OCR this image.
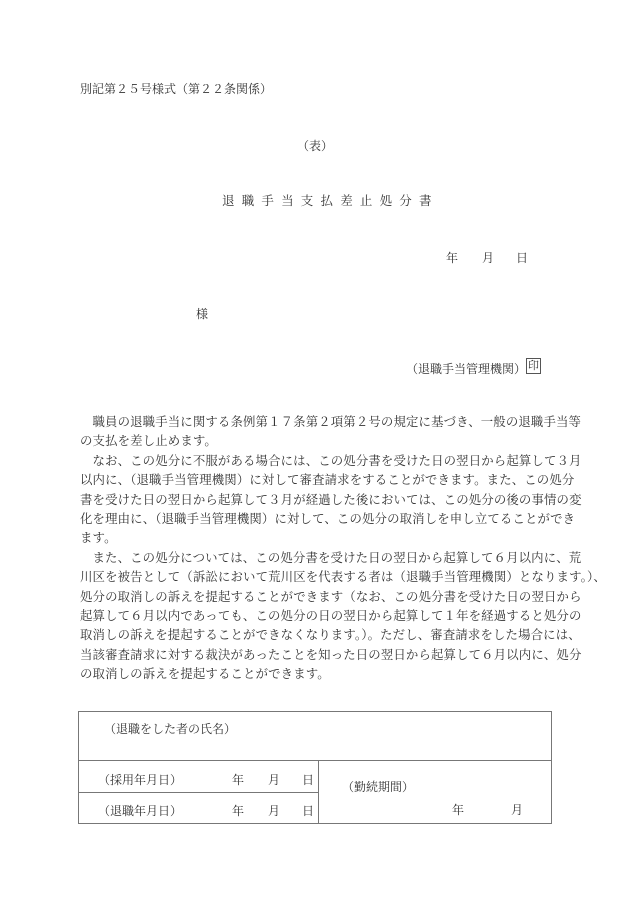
別記第２５号様式（第２２条関係）
（表）
退職手当支払差止処分書
年 月 日
様
（退職手当管理機関） 印
職員の退職手当に関する条例第１７条第２項第２号の規定に基づき、一般の退職手当等
の支払を差し止めます。
なお、この処分に不服がある場合には、この処分書を受けた日の翌日から起算して３月
以内に、（退職手当管理機関）に対して審査請求をすることができます。また、この処分
書を受けた日の翌日から起算して３月が経過した後においては、この処分の後の事情の変
化を理由に、（退職手当管理機関）に対して、この処分の取消しを申し立てることができ
ます。
また、この処分については、この処分書を受けた日の翌日から起算して６月以内に、荒
川区を被告として（訴訟において荒川区を代表する者は（退職手当管理機関）となります。）、
処分の取消しの訴えを提起することができます（なお、この処分書を受けた日の翌日から
起算して６月以内であっても、この処分の日の翌日から起算して１年を経過すると処分の
取消しの訴えを提起することができなくなります。）。ただし、審査請求をした場合には、
当該審査請求に対する裁決があったことを知った日の翌日から起算して６月以内に、処分
の取消しの訴えを提起することができます。
（退職をした者の氏名）
（採用年月日）	年 月 日
（退職年月日）	年 月 日
（勤続期間）
年	月
